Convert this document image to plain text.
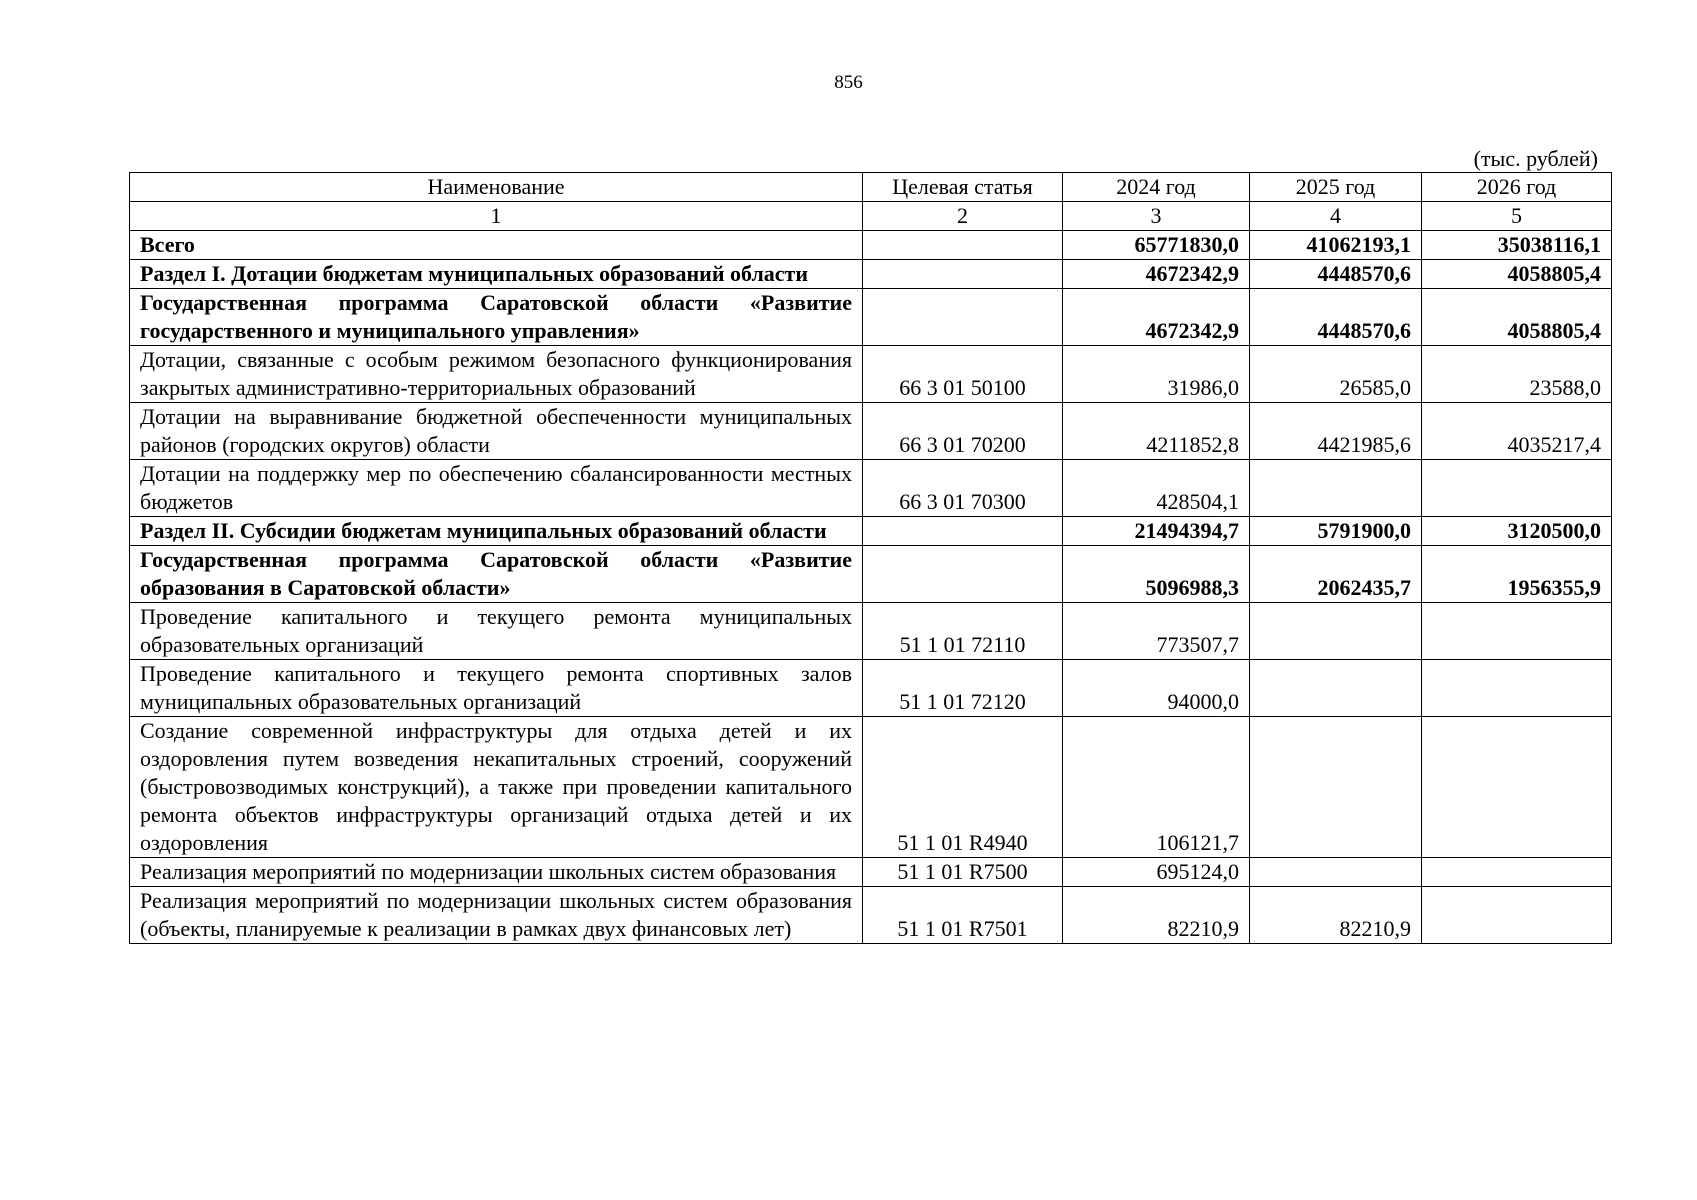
856
(тыс. рублей)
Наименование	Целевая статья	2024 год	2025 год	2026 год
1	2	3	4	5
Всего		65771830,0	41062193,1	35038116,1
Раздел I. Дотации бюджетам муниципальных образований области		4672342,9	4448570,6	4058805,4
Государственная программа Саратовской области «Развитие государственного и муниципального управления»		4672342,9	4448570,6	4058805,4
Дотации, связанные с особым режимом безопасного функционирования закрытых административно-территориальных образований	66 3 01 50100	31986,0	26585,0	23588,0
Дотации на выравнивание бюджетной обеспеченности муниципальных районов (городских округов) области	66 3 01 70200	4211852,8	4421985,6	4035217,4
Дотации на поддержку мер по обеспечению сбалансированности местных бюджетов	66 3 01 70300	428504,1		
Раздел II. Субсидии бюджетам муниципальных образований области		21494394,7	5791900,0	3120500,0
Государственная программа Саратовской области «Развитие образования в Саратовской области»		5096988,3	2062435,7	1956355,9
Проведение капитального и текущего ремонта муниципальных образовательных организаций	51 1 01 72110	773507,7		
Проведение капитального и текущего ремонта спортивных залов муниципальных образовательных организаций	51 1 01 72120	94000,0		
Создание современной инфраструктуры для отдыха детей и их оздоровления путем возведения некапитальных строений, сооружений (быстровозводимых конструкций), а также при проведении капитального ремонта объектов инфраструктуры организаций отдыха детей и их оздоровления	51 1 01 R4940	106121,7		
Реализация мероприятий по модернизации школьных систем образования	51 1 01 R7500	695124,0		
Реализация мероприятий по модернизации школьных систем образования (объекты, планируемые к реализации в рамках двух финансовых лет)	51 1 01 R7501	82210,9	82210,9	
